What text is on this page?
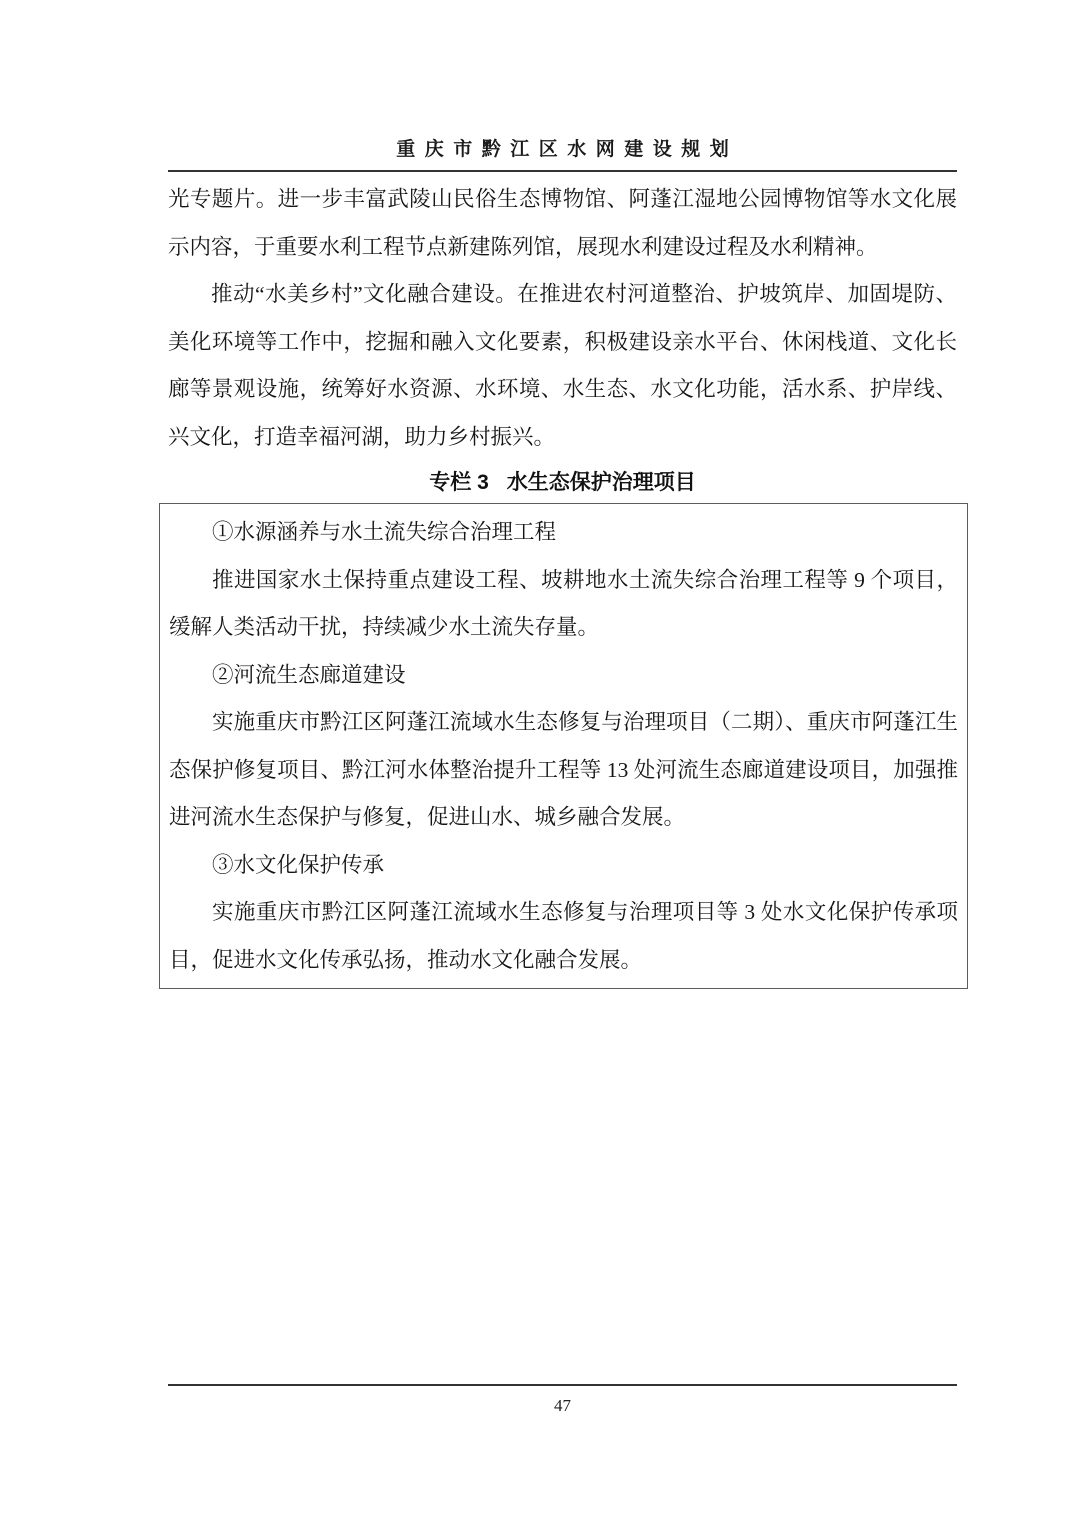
重庆市黔江区水网建设规划

光专题片。进一步丰富武陵山民俗生态博物馆、阿蓬江湿地公园博物馆等水文化展示内容，于重要水利工程节点新建陈列馆，展现水利建设过程及水利精神。

推动“水美乡村”文化融合建设。在推进农村河道整治、护坡筑岸、加固堤防、美化环境等工作中，挖掘和融入文化要素，积极建设亲水平台、休闲栈道、文化长廊等景观设施，统筹好水资源、水环境、水生态、水文化功能，活水系、护岸线、兴文化，打造幸福河湖，助力乡村振兴。

专栏 3 水生态保护治理项目

①水源涵养与水土流失综合治理工程

推进国家水土保持重点建设工程、坡耕地水土流失综合治理工程等 9 个项目，缓解人类活动干扰，持续减少水土流失存量。

②河流生态廊道建设

实施重庆市黔江区阿蓬江流域水生态修复与治理项目（二期）、重庆市阿蓬江生态保护修复项目、黔江河水体整治提升工程等 13 处河流生态廊道建设项目，加强推进河流水生态保护与修复，促进山水、城乡融合发展。

③水文化保护传承

实施重庆市黔江区阿蓬江流域水生态修复与治理项目等 3 处水文化保护传承项目，促进水文化传承弘扬，推动水文化融合发展。

47
